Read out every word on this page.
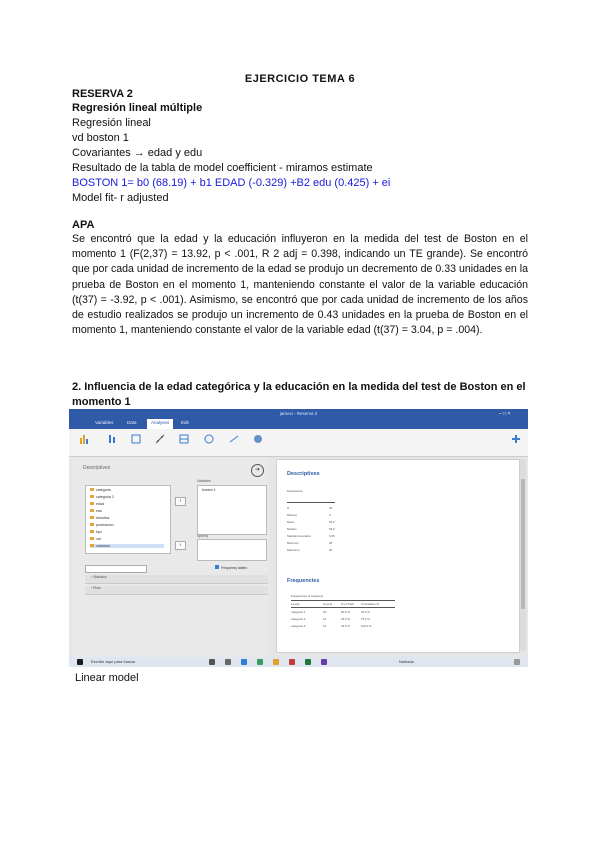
EJERCICIO TEMA 6
RESERVA 2
Regresión lineal múltiple
Regresión lineal
vd boston 1
Covariantes → edad y edu
Resultado de la tabla de model coefficient - miramos estimate
BOSTON 1= b0 (68.19) + b1 EDAD (-0.329) +B2 edu (0.425) + ei
Model fit- r adjusted
APA
Se encontró que la edad y la educación influyeron en la medida del test de Boston en el momento 1 (F(2,37) = 13.92, p < .001, R 2 adj = 0.398, indicando un TE grande). Se encontró que por cada unidad de incremento de la edad se produjo un decremento de 0.33 unidades en la prueba de Boston en el momento 1, manteniendo constante el valor de la variable educación (t(37) = -3.92, p < .001). Asimismo, se encontró que por cada unidad de incremento de los años de estudio realizados se produjo un incremento de 0.43 unidades en la prueba de Boston en el momento 1, manteniendo constante el valor de la variable edad (t(37) = 3.04, p = .004).
2. Influencia de la edad categórica y la educación en la medida del test de Boston en el momento 1
jamovi - Reserva 2
Variables	Data	Analyses	Edit
– □ ×
Descriptives	➜
categoria
categoria 2
edad
edu
estudios
puntuacion
tipo
var
varianza
›
›
Variables
boston 1
Split by
Frequency tables
› Statistics
› Plots
Descriptives
Descriptives
N	40
Missing	0
Mean	52.2
Median	54.0
Standard deviation	6.65
Minimum	35
Maximum	60
Frequencies
Frequencies of categoria
Levels	Counts	% of Total	Cumulative %
categoria 1	20	50.0 %	50.0 %
categoria 2	10	25.0 %	75.0 %
categoria 3	10	25.0 %	100.0 %
Escribe aquí para buscar	Nublado
Linear model
